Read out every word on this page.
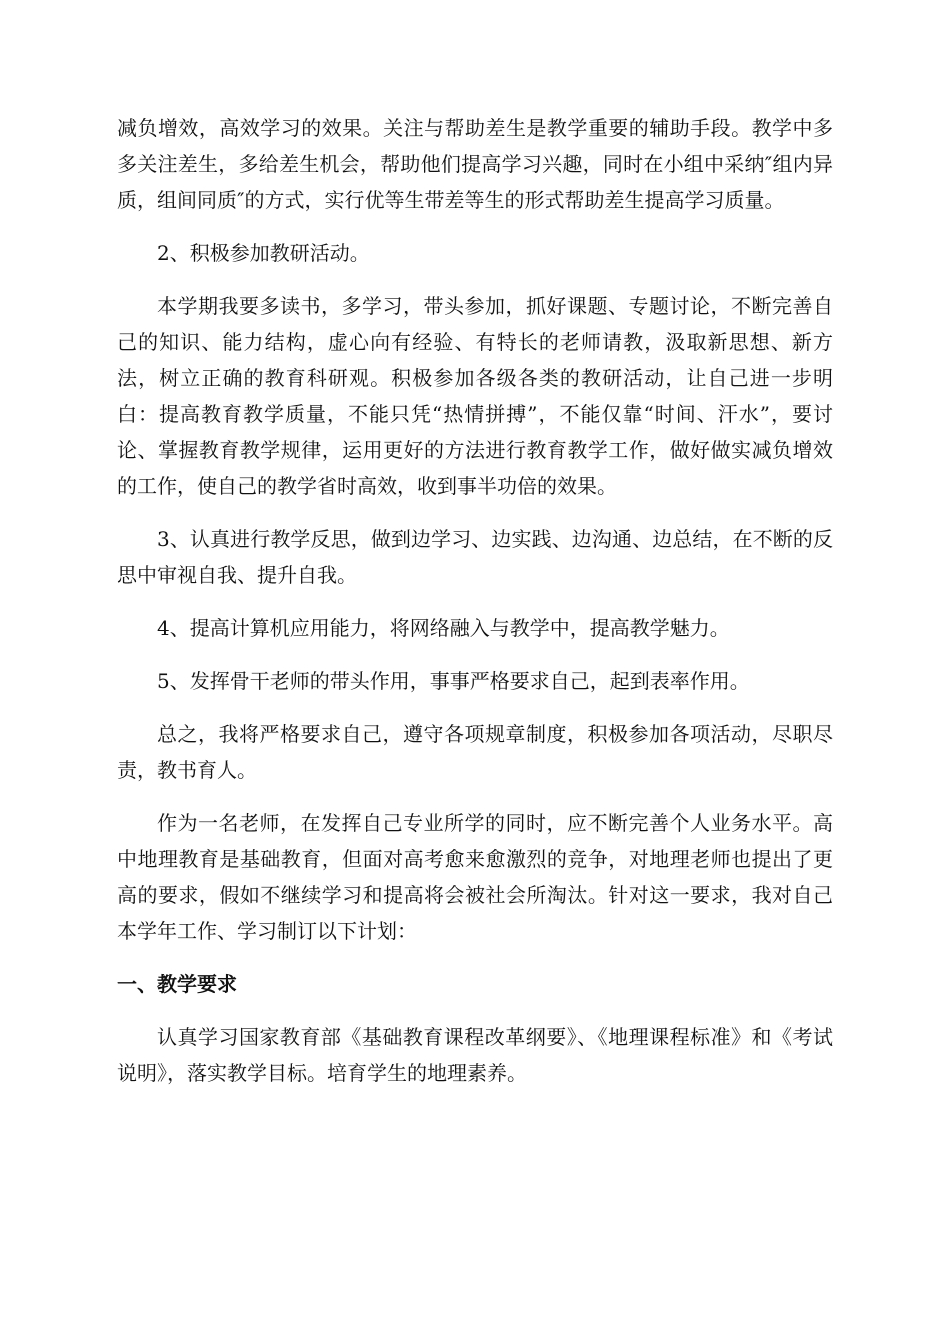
减负增效，高效学习的效果。关注与帮助差生是教学重要的辅助手段。教学中多多关注差生，多给差生机会，帮助他们提高学习兴趣，同时在小组中采纳″组内异质，组间同质″的方式，实行优等生带差等生的形式帮助差生提高学习质量。

2、积极参加教研活动。

本学期我要多读书，多学习，带头参加，抓好课题、专题讨论，不断完善自己的知识、能力结构，虚心向有经验、有特长的老师请教，汲取新思想、新方法，树立正确的教育科研观。积极参加各级各类的教研活动，让自己进一步明白：提高教育教学质量，不能只凭“热情拼搏”，不能仅靠“时间、汗水”，要讨论、掌握教育教学规律，运用更好的方法进行教育教学工作，做好做实减负增效的工作，使自己的教学省时高效，收到事半功倍的效果。

3、认真进行教学反思，做到边学习、边实践、边沟通、边总结，在不断的反思中审视自我、提升自我。

4、提高计算机应用能力，将网络融入与教学中，提高教学魅力。

5、发挥骨干老师的带头作用，事事严格要求自己，起到表率作用。

总之，我将严格要求自己，遵守各项规章制度，积极参加各项活动，尽职尽责，教书育人。

作为一名老师，在发挥自己专业所学的同时，应不断完善个人业务水平。高中地理教育是基础教育，但面对高考愈来愈激烈的竞争，对地理老师也提出了更高的要求，假如不继续学习和提高将会被社会所淘汰。针对这一要求，我对自己本学年工作、学习制订以下计划：

一、教学要求

认真学习国家教育部《基础教育课程改革纲要》、《地理课程标准》和《考试说明》，落实教学目标。培育学生的地理素养。
